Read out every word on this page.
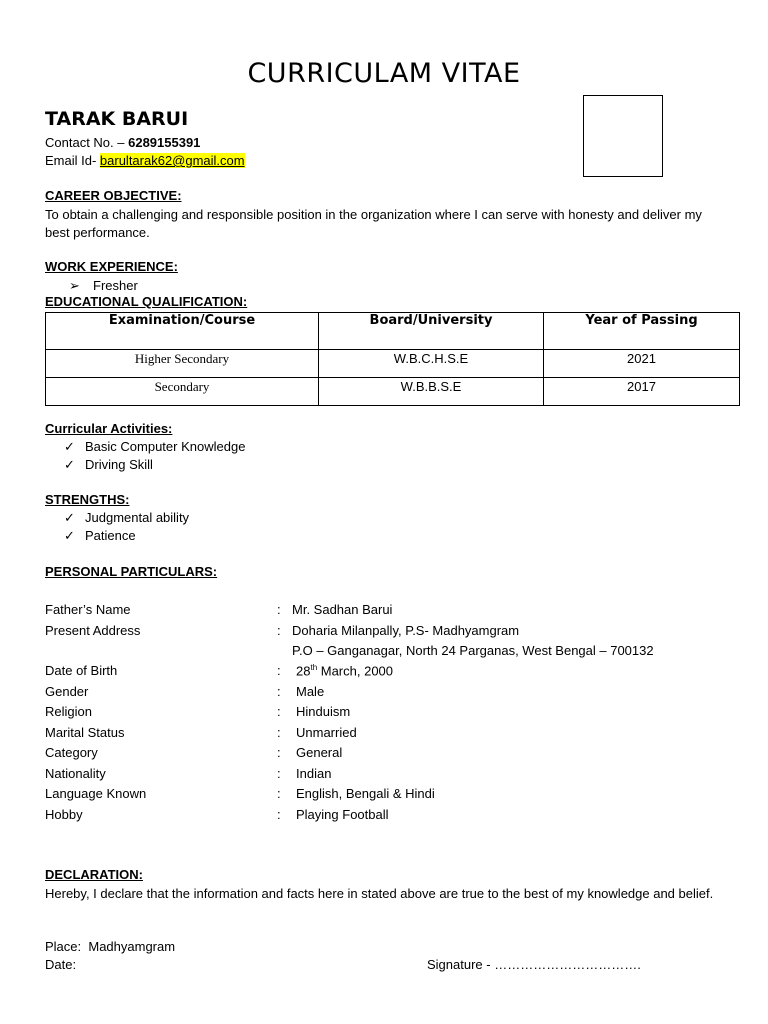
CURRICULAM VITAE
TARAK BARUI
Contact No. – 6289155391
Email Id- barultarak62@gmail.com
CAREER OBJECTIVE:
To obtain a challenging and responsible position in the organization where I can serve with honesty and deliver my best performance.
WORK EXPERIENCE:
➢ Fresher
EDUCATIONAL QUALIFICATION:
Examination/Course	Board/University	Year of Passing
Higher Secondary	W.B.C.H.S.E	2021
Secondary	W.B.B.S.E	2017
Curricular Activities:
✓ Basic Computer Knowledge
✓ Driving Skill
STRENGTHS:
✓ Judgmental ability
✓ Patience
PERSONAL PARTICULARS:
Father’s Name	: Mr. Sadhan Barui
Present Address	: Doharia Milanpally, P.S- Madhyamgram
P.O – Ganganagar, North 24 Parganas, West Bengal – 700132
Date of Birth	: 28th March, 2000
Gender	: Male
Religion	: Hinduism
Marital Status	: Unmarried
Category	: General
Nationality	: Indian
Language Known	: English, Bengali & Hindi
Hobby	: Playing Football
DECLARATION:
Hereby, I declare that the information and facts here in stated above are true to the best of my knowledge and belief.
Place: Madhyamgram
Date:	Signature - …………………………….
